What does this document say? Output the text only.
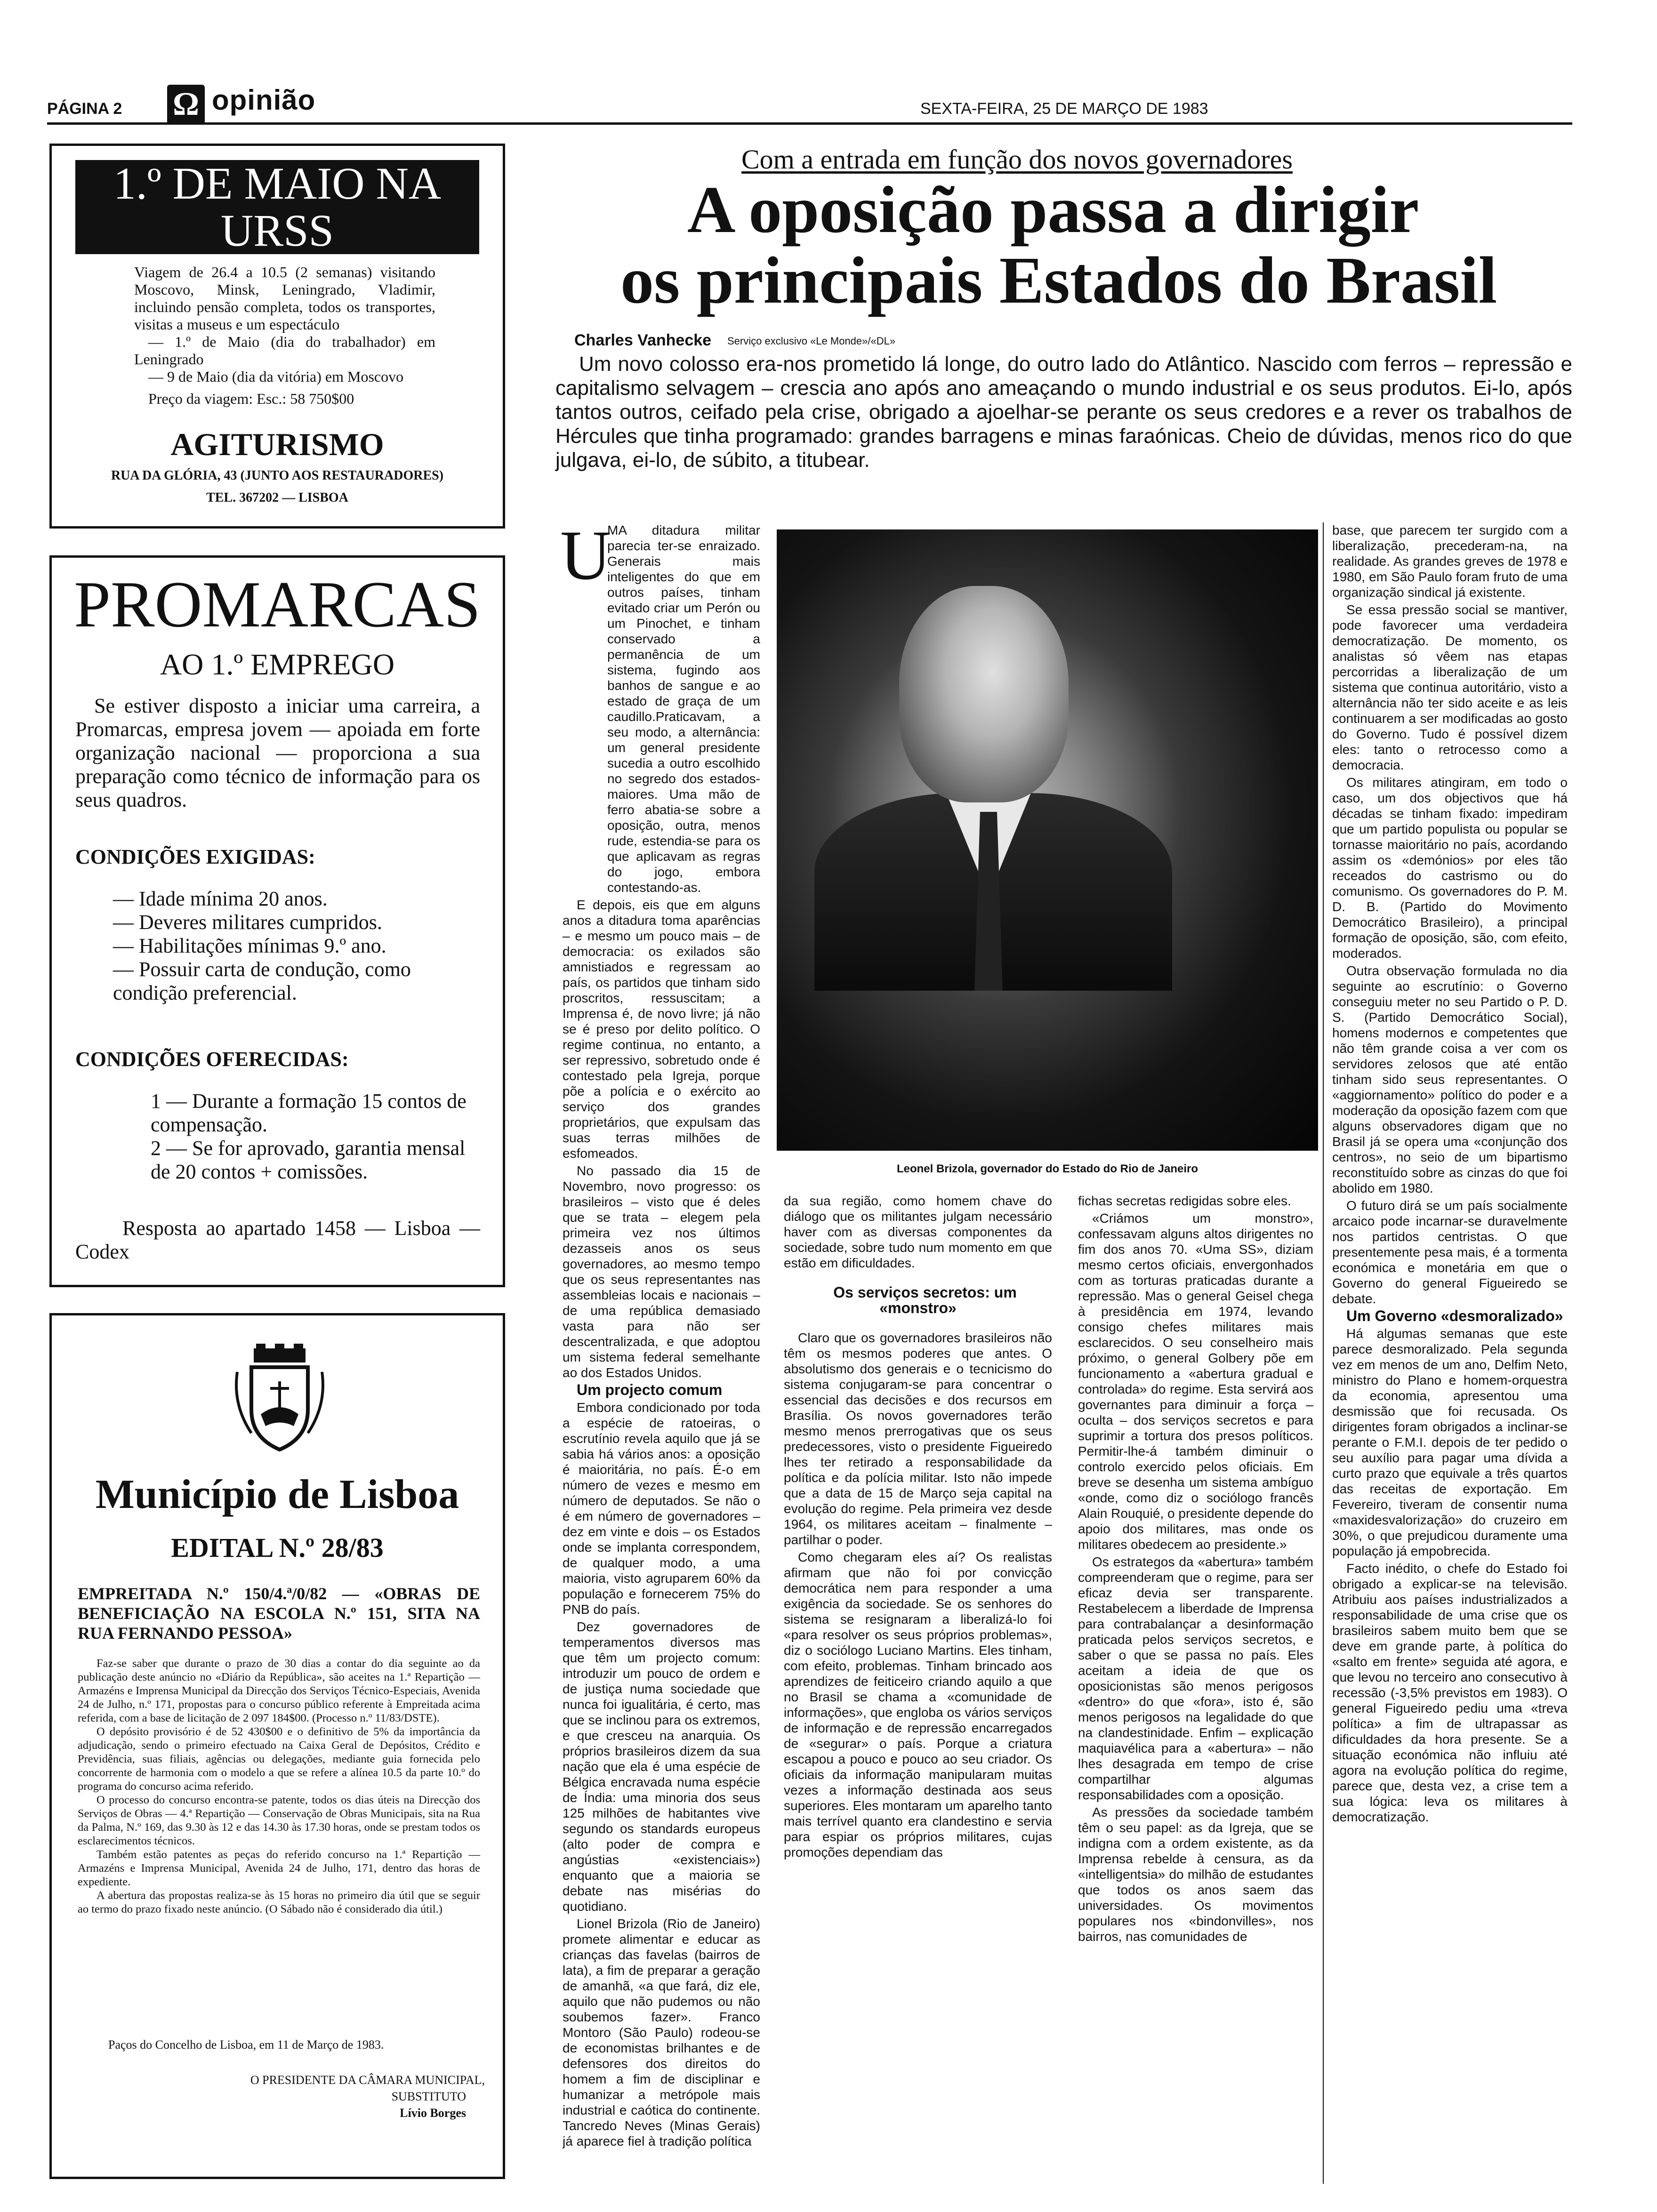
PÁGINA 2 Ω opinião	SEXTA-FEIRA, 25 DE MARÇO DE 1983
1.º DE MAIO NA URSS

Viagem de 26.4 a 10.5 (2 semanas) visitando Moscovo, Minsk, Leningrado, Vladimir, incluindo pensão completa, todos os transportes, visitas a museus e um espectáculo

— 1.º de Maio (dia do trabalhador) em Leningrado

— 9 de Maio (dia da vitória) em Moscovo

Preço da viagem: Esc.: 58 750$00

AGITURISMO
RUA DA GLÓRIA, 43 (JUNTO AOS RESTAURADORES)
TEL. 367202 — LISBOA
PROMARCAS
AO 1.º EMPREGO
Se estiver disposto a iniciar uma carreira, a Promarcas, empresa jovem — apoiada em forte organização nacional — proporciona a sua preparação como técnico de informação para os seus quadros.
CONDIÇÕES EXIGIDAS:

— Idade mínima 20 anos.

— Deveres militares cumpridos.

— Habilitações mínimas 9.º ano.

— Possuir carta de condução, como condição preferencial.

CONDIÇÕES OFERECIDAS:

1 — Durante a formação 15 contos de compensação.

2 — Se for aprovado, garantia mensal de 20 contos + comissões.

Resposta ao apartado 1458 — Lisboa — Codex
Município de Lisboa
EDITAL N.º 28/83
EMPREITADA N.º 150/4.ª/0/82 — «OBRAS DE BENEFICIAÇÃO NA ESCOLA N.º 151, SITA NA RUA FERNANDO PESSOA»

Faz-se saber que durante o prazo de 30 dias a contar do dia seguinte ao da publicação deste anúncio no «Diário da República», são aceites na 1.ª Repartição — Armazéns e Imprensa Municipal da Direcção dos Serviços Técnico-Especiais, Avenida 24 de Julho, n.º 171, propostas para o concurso público referente à Empreitada acima referida, com a base de licitação de 2 097 184$00. (Processo n.º 11/83/DSTE).

O depósito provisório é de 52 430$00 e o definitivo de 5% da importância da adjudicação, sendo o primeiro efectuado na Caixa Geral de Depósitos, Crédito e Previdência, suas filiais, agências ou delegações, mediante guia fornecida pelo concorrente de harmonia com o modelo a que se refere a alínea 10.5 da parte 10.º do programa do concurso acima referido.

O processo do concurso encontra-se patente, todos os dias úteis na Direcção dos Serviços de Obras — 4.ª Repartição — Conservação de Obras Municipais, sita na Rua da Palma, N.º 169, das 9.30 às 12 e das 14.30 às 17.30 horas, onde se prestam todos os esclarecimentos técnicos.

Também estão patentes as peças do referido concurso na 1.ª Repartição — Armazéns e Imprensa Municipal, Avenida 24 de Julho, 171, dentro das horas de expediente.

A abertura das propostas realiza-se às 15 horas no primeiro dia útil que se seguir ao termo do prazo fixado neste anúncio. (O Sábado não é considerado dia útil.)

Paços do Concelho de Lisboa, em 11 de Março de 1983.
O PRESIDENTE DA CÂMARA MUNICIPAL,
SUBSTITUTO
Lívio Borges
Com a entrada em função dos novos governadores
A oposição passa a dirigir
os principais Estados do Brasil
Charles Vanhecke Serviço exclusivo «Le Monde»/«DL»
Um novo colosso era-nos prometido lá longe, do outro lado do Atlântico. Nascido com ferros – repressão e capitalismo selvagem – crescia ano após ano ameaçando o mundo industrial e os seus produtos. Ei-lo, após tantos outros, ceifado pela crise, obrigado a ajoelhar-se perante os seus credores e a rever os trabalhos de Hércules que tinha programado: grandes barragens e minas faraónicas. Cheio de dúvidas, menos rico do que julgava, ei-lo, de súbito, a titubear.
Leonel Brizola, governador do Estado do Rio de Janeiro
U

MA ditadura militar parecia ter-se enraizado. Generais mais inteligentes do que em outros países, tinham evitado criar um Perón ou um Pinochet, e tinham conservado a permanência de um sistema, fugindo aos banhos de sangue e ao estado de graça de um caudillo.Praticavam, a seu modo, a alternância: um general presidente sucedia a outro escolhido no segredo dos estados-maiores. Uma mão de ferro abatia-se sobre a oposição, outra, menos rude, estendia-se para os que aplicavam as regras do jogo, embora contestando-as.

E depois, eis que em alguns anos a ditadura toma aparências – e mesmo um pouco mais – de democracia: os exilados são amnistiados e regressam ao país, os partidos que tinham sido proscritos, ressuscitam; a Imprensa é, de novo livre; já não se é preso por delito político. O regime continua, no entanto, a ser repressivo, sobretudo onde é contestado pela Igreja, porque põe a polícia e o exército ao serviço dos grandes proprietários, que expulsam das suas terras milhões de esfomeados.

No passado dia 15 de Novembro, novo progresso: os brasileiros – visto que é deles que se trata – elegem pela primeira vez nos últimos dezasseis anos os seus governadores, ao mesmo tempo que os seus representantes nas assembleias locais e nacionais – de uma república demasiado vasta para não ser descentralizada, e que adoptou um sistema federal semelhante ao dos Estados Unidos.

Um projecto comum

Embora condicionado por toda a espécie de ratoeiras, o escrutínio revela aquilo que já se sabia há vários anos: a oposição é maioritária, no país. É-o em número de vezes e mesmo em número de deputados. Se não o é em número de governadores – dez em vinte e dois – os Estados onde se implanta correspondem, de qualquer modo, a uma maioria, visto agruparem 60% da população e fornecerem 75% do PNB do país.

Dez governadores de temperamentos diversos mas que têm um projecto comum: introduzir um pouco de ordem e de justiça numa sociedade que nunca foi igualitária, é certo, mas que se inclinou para os extremos, e que cresceu na anarquia. Os próprios brasileiros dizem da sua nação que ela é uma espécie de Bélgica encravada numa espécie de Índia: uma minoria dos seus 125 milhões de habitantes vive segundo os standards europeus (alto poder de compra e angústias «existenciais») enquanto que a maioria se debate nas misérias do quotidiano.

Lionel Brizola (Rio de Janeiro) promete alimentar e educar as crianças das favelas (bairros de lata), a fim de preparar a geração de amanhã, «a que fará, diz ele, aquilo que não pudemos ou não soubemos fazer». Franco Montoro (São Paulo) rodeou-se de economistas brilhantes e de defensores dos direitos do homem a fim de disciplinar e humanizar a metrópole mais industrial e caótica do continente. Tancredo Neves (Minas Gerais) já aparece fiel à tradição política

da sua região, como homem chave do diálogo que os militantes julgam necessário haver com as diversas componentes da sociedade, sobre tudo num momento em que estão em dificuldades.

Os serviços secretos: um «monstro»

Claro que os governadores brasileiros não têm os mesmos poderes que antes. O absolutismo dos generais e o tecnicismo do sistema conjugaram-se para concentrar o essencial das decisões e dos recursos em Brasília. Os novos governadores terão mesmo menos prerrogativas que os seus predecessores, visto o presidente Figueiredo lhes ter retirado a responsabilidade da política e da polícia militar. Isto não impede que a data de 15 de Março seja capital na evolução do regime. Pela primeira vez desde 1964, os militares aceitam – finalmente – partilhar o poder.

Como chegaram eles aí? Os realistas afirmam que não foi por convicção democrática nem para responder a uma exigência da sociedade. Se os senhores do sistema se resignaram a liberalizá-lo foi «para resolver os seus próprios problemas», diz o sociólogo Luciano Martins. Eles tinham, com efeito, problemas. Tinham brincado aos aprendizes de feiticeiro criando aquilo a que no Brasil se chama a «comunidade de informações», que engloba os vários serviços de informação e de repressão encarregados de «segurar» o país. Porque a criatura escapou a pouco e pouco ao seu criador. Os oficiais da informação manipularam muitas vezes a informação destinada aos seus superiores. Eles montaram um aparelho tanto mais terrível quanto era clandestino e servia para espiar os próprios militares, cujas promoções dependiam das

fichas secretas redigidas sobre eles.

«Criámos um monstro», confessavam alguns altos dirigentes no fim dos anos 70. «Uma SS», diziam mesmo certos oficiais, envergonhados com as torturas praticadas durante a repressão. Mas o general Geisel chega à presidência em 1974, levando consigo chefes militares mais esclarecidos. O seu conselheiro mais próximo, o general Golbery põe em funcionamento a «abertura gradual e controlada» do regime. Esta servirá aos governantes para diminuir a força – oculta – dos serviços secretos e para suprimir a tortura dos presos políticos. Permitir-lhe-á também diminuir o controlo exercido pelos oficiais. Em breve se desenha um sistema ambíguo «onde, como diz o sociólogo francês Alain Rouquié, o presidente depende do apoio dos militares, mas onde os militares obedecem ao presidente.»

Os estrategos da «abertura» também compreenderam que o regime, para ser eficaz devia ser transparente. Restabelecem a liberdade de Imprensa para contrabalançar a desinformação praticada pelos serviços secretos, e saber o que se passa no país. Eles aceitam a ideia de que os oposicionistas são menos perigosos «dentro» do que «fora», isto é, são menos perigosos na legalidade do que na clandestinidade. Enfim – explicação maquiavélica para a «abertura» – não lhes desagrada em tempo de crise compartilhar algumas responsabilidades com a oposição.

As pressões da sociedade também têm o seu papel: as da Igreja, que se indigna com a ordem existente, as da Imprensa rebelde à censura, as da «intelligentsia» do milhão de estudantes que todos os anos saem das universidades. Os movimentos populares nos «bindonvilles», nos bairros, nas comunidades de

base, que parecem ter surgido com a liberalização, precederam-na, na realidade. As grandes greves de 1978 e 1980, em São Paulo foram fruto de uma organização sindical já existente.

Se essa pressão social se mantiver, pode favorecer uma verdadeira democratização. De momento, os analistas só vêem nas etapas percorridas a liberalização de um sistema que continua autoritário, visto a alternância não ter sido aceite e as leis continuarem a ser modificadas ao gosto do Governo. Tudo é possível dizem eles: tanto o retrocesso como a democracia.

Os militares atingiram, em todo o caso, um dos objectivos que há décadas se tinham fixado: impediram que um partido populista ou popular se tornasse maioritário no país, acordando assim os «demónios» por eles tão receados do castrismo ou do comunismo. Os governadores do P. M. D. B. (Partido do Movimento Democrático Brasileiro), a principal formação de oposição, são, com efeito, moderados.

Outra observação formulada no dia seguinte ao escrutínio: o Governo conseguiu meter no seu Partido o P. D. S. (Partido Democrático Social), homens modernos e competentes que não têm grande coisa a ver com os servidores zelosos que até então tinham sido seus representantes. O «aggiornamento» político do poder e a moderação da oposição fazem com que alguns observadores digam que no Brasil já se opera uma «conjunção dos centros», no seio de um bipartismo reconstituído sobre as cinzas do que foi abolido em 1980.

O futuro dirá se um país socialmente arcaico pode incarnar-se duravelmente nos partidos centristas. O que presentemente pesa mais, é a tormenta económica e monetária em que o Governo do general Figueiredo se debate.

Um Governo «desmoralizado»

Há algumas semanas que este parece desmoralizado. Pela segunda vez em menos de um ano, Delfim Neto, ministro do Plano e homem-orquestra da economia, apresentou uma desmissão que foi recusada. Os dirigentes foram obrigados a inclinar-se perante o F.M.I. depois de ter pedido o seu auxílio para pagar uma dívida a curto prazo que equivale a três quartos das receitas de exportação. Em Fevereiro, tiveram de consentir numa «maxidesvalorização» do cruzeiro em 30%, o que prejudicou duramente uma população já empobrecida.

Facto inédito, o chefe do Estado foi obrigado a explicar-se na televisão. Atribuiu aos países industrializados a responsabilidade de uma crise que os brasileiros sabem muito bem que se deve em grande parte, à política do «salto em frente» seguida até agora, e que levou no terceiro ano consecutivo à recessão (-3,5% previstos em 1983). O general Figueiredo pediu uma «treva política» a fim de ultrapassar as dificuldades da hora presente. Se a situação económica não influiu até agora na evolução política do regime, parece que, desta vez, a crise tem a sua lógica: leva os militares à democratização.
